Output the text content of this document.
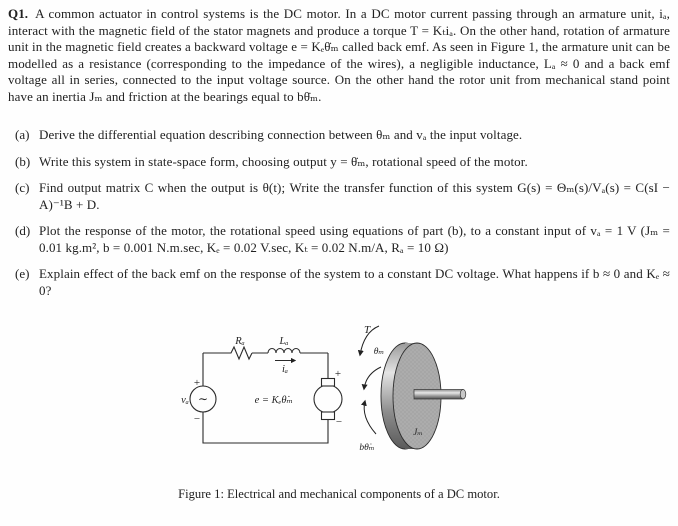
Q1. A common actuator in control systems is the DC motor. In a DC motor current passing through an armature unit, iₐ, interact with the magnetic field of the stator magnets and produce a torque T = Kₜiₐ. On the other hand, rotation of armature unit in the magnetic field creates a backward voltage e = Kₑθ̇ₘ called back emf. As seen in Figure 1, the armature unit can be modelled as a resistance (corresponding to the impedance of the wires), a negligible inductance, Lₐ ≈ 0 and a back emf voltage all in series, connected to the input voltage source. On the other hand the rotor unit from mechanical stand point have an inertia Jₘ and friction at the bearings equal to bθ̇ₘ.
(a) Derive the differential equation describing connection between θₘ and vₐ the input voltage.
(b) Write this system in state-space form, choosing output y = θ̇ₘ, rotational speed of the motor.
(c) Find output matrix C when the output is θ(t); Write the transfer function of this system G(s) = Θₘ(s)/Vₐ(s) = C(sI − A)⁻¹B + D.
(d) Plot the response of the motor, the rotational speed using equations of part (b), to a constant input of vₐ = 1 V (Jₘ = 0.01 kg.m², b = 0.001 N.m.sec, Kₑ = 0.02 V.sec, Kₜ = 0.02 N.m/A, Rₐ = 10 Ω)
(e) Explain effect of the back emf on the response of the system to a constant DC voltage. What happens if b ≈ 0 and Kₑ ≈ 0?
Rₐ	Lₐ
iₐ
vₐ ∼
+
−
e = Kₑθ̇ₘ
+
−
T
θₘ
bθ̇ₘ
Jₘ
Figure 1: Electrical and mechanical components of a DC motor.
